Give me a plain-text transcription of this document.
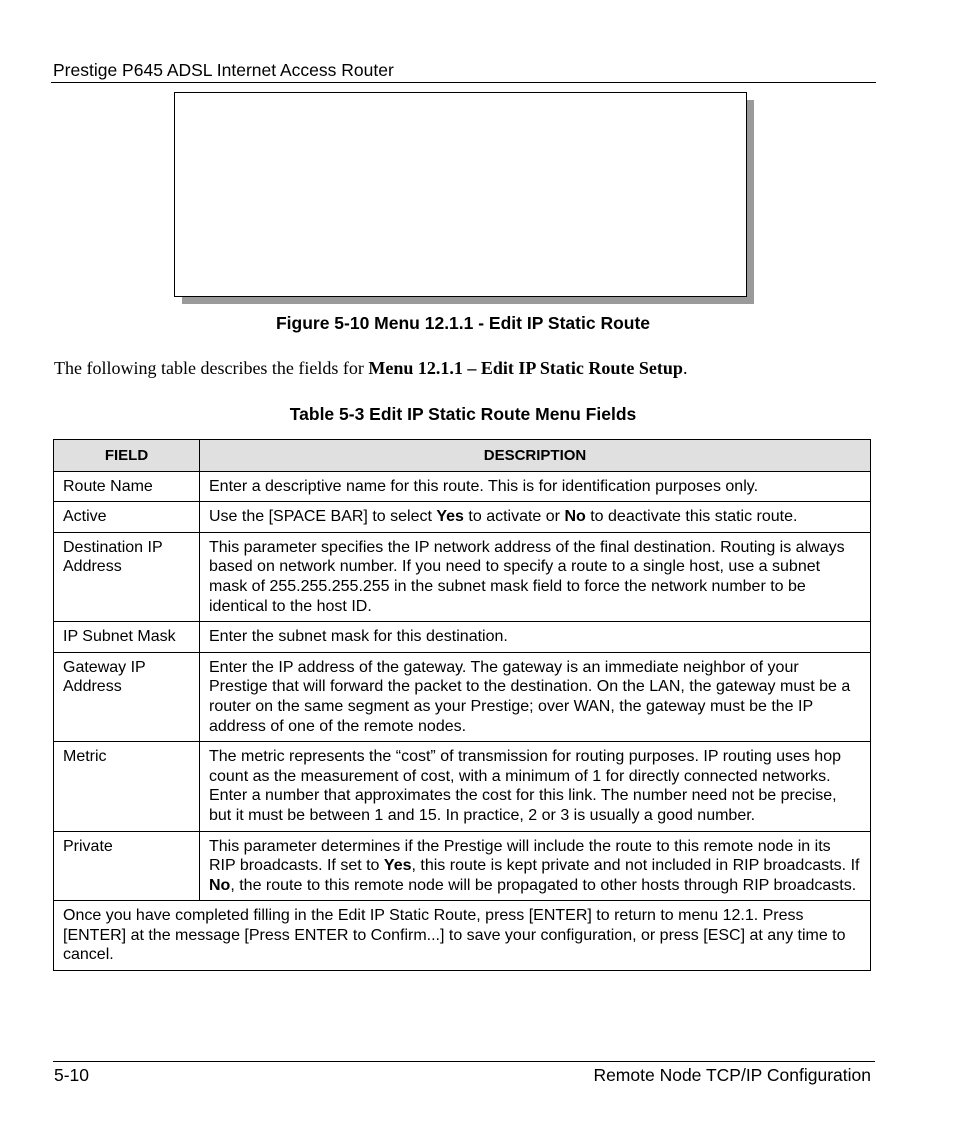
Prestige P645 ADSL Internet Access Router
Figure 5-10 Menu 12.1.1 - Edit IP Static Route

The following table describes the fields for Menu 12.1.1 – Edit IP Static Route Setup.

Table 5-3 Edit IP Static Route Menu Fields
FIELD	DESCRIPTION
Route Name	Enter a descriptive name for this route. This is for identification purposes only.
Active	Use the [SPACE BAR] to select Yes to activate or No to deactivate this static route.
Destination IP Address	This parameter specifies the IP network address of the final destination. Routing is always based on network number. If you need to specify a route to a single host, use a subnet mask of 255.255.255.255 in the subnet mask field to force the network number to be identical to the host ID.
IP Subnet Mask	Enter the subnet mask for this destination.
Gateway IP Address	Enter the IP address of the gateway. The gateway is an immediate neighbor of your Prestige that will forward the packet to the destination. On the LAN, the gateway must be a router on the same segment as your Prestige; over WAN, the gateway must be the IP address of one of the remote nodes.
Metric	The metric represents the “cost” of transmission for routing purposes. IP routing uses hop count as the measurement of cost, with a minimum of 1 for directly connected networks. Enter a number that approximates the cost for this link. The number need not be precise, but it must be between 1 and 15. In practice, 2 or 3 is usually a good number.
Private	This parameter determines if the Prestige will include the route to this remote node in its RIP broadcasts. If set to Yes, this route is kept private and not included in RIP broadcasts. If No, the route to this remote node will be propagated to other hosts through RIP broadcasts.
Once you have completed filling in the Edit IP Static Route, press [ENTER] to return to menu 12.1. Press [ENTER] at the message [Press ENTER to Confirm...] to save your configuration, or press [ESC] at any time to cancel.	
5-10	Remote Node TCP/IP Configuration
